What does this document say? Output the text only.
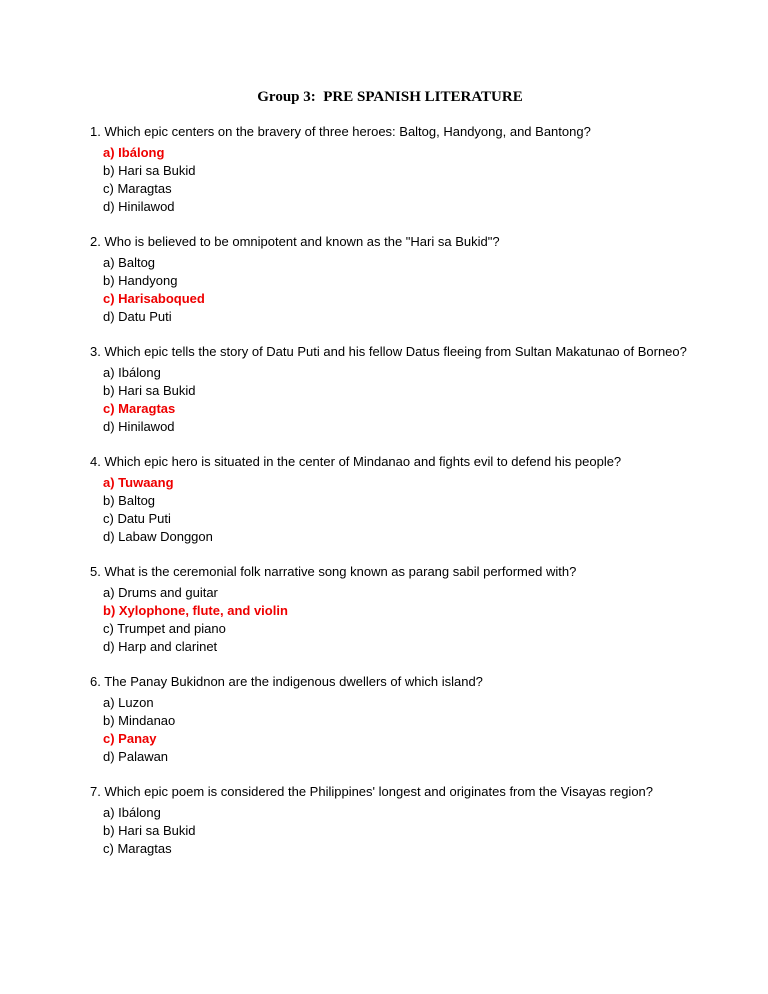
Group 3:  PRE SPANISH LITERATURE
1. Which epic centers on the bravery of three heroes: Baltog, Handyong, and Bantong?
a) Ibálong
b) Hari sa Bukid
c) Maragtas
d) Hinilawod
2. Who is believed to be omnipotent and known as the "Hari sa Bukid"?
a) Baltog
b) Handyong
c) Harisaboqued
d) Datu Puti
3. Which epic tells the story of Datu Puti and his fellow Datus fleeing from Sultan Makatunao of Borneo?
a) Ibálong
b) Hari sa Bukid
c) Maragtas
d) Hinilawod
4. Which epic hero is situated in the center of Mindanao and fights evil to defend his people?
a) Tuwaang
b) Baltog
c) Datu Puti
d) Labaw Donggon
5. What is the ceremonial folk narrative song known as parang sabil performed with?
a) Drums and guitar
b) Xylophone, flute, and violin
c) Trumpet and piano
d) Harp and clarinet
6. The Panay Bukidnon are the indigenous dwellers of which island?
a) Luzon
b) Mindanao
c) Panay
d) Palawan
7. Which epic poem is considered the Philippines' longest and originates from the Visayas region?
a) Ibálong
b) Hari sa Bukid
c) Maragtas
